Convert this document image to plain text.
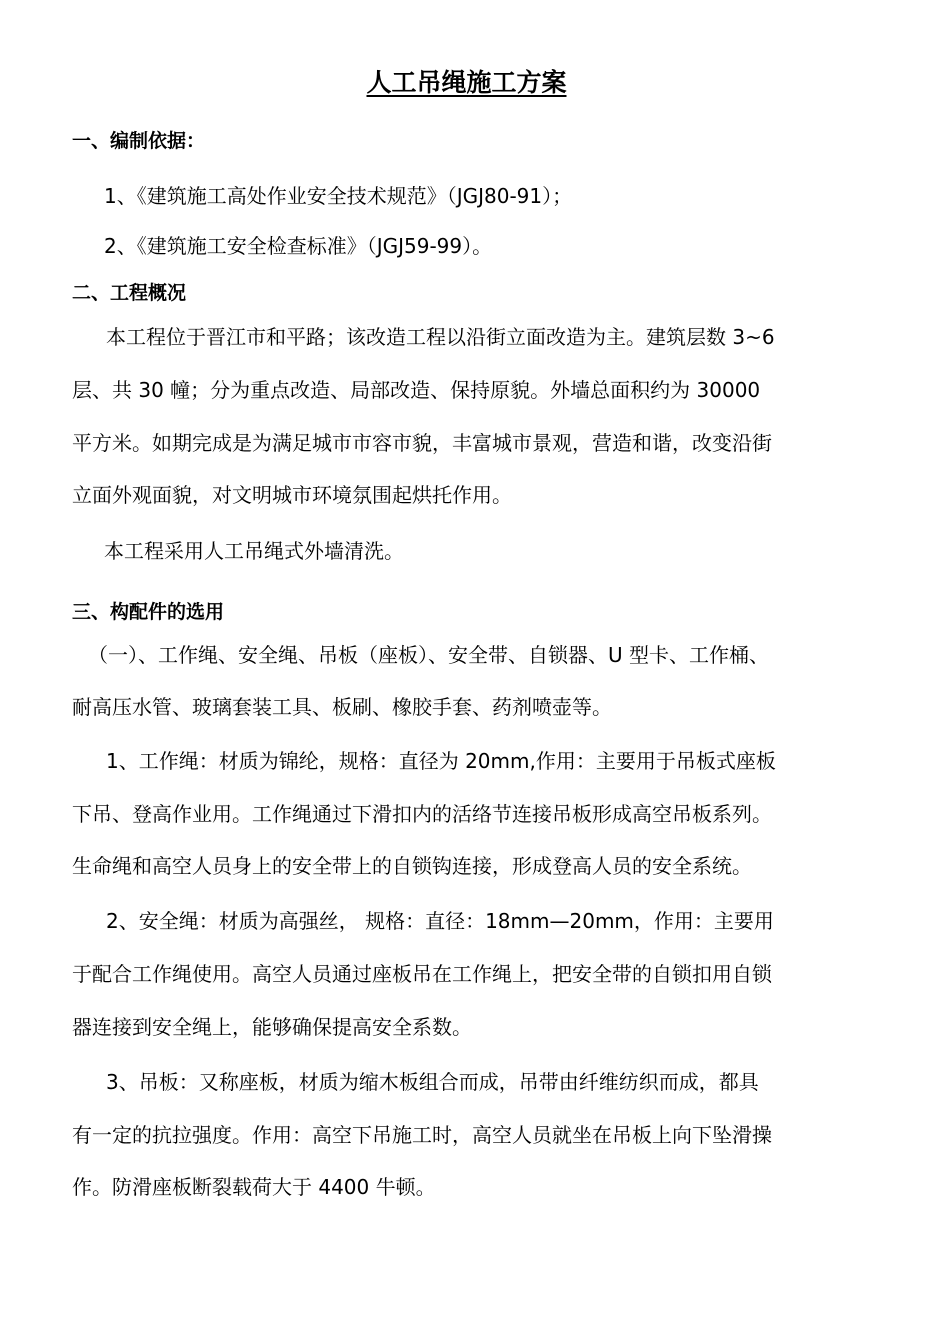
人工吊绳施工方案
一、编制依据：
1、《建筑施工高处作业安全技术规范》（JGJ80-91）；
2、《建筑施工安全检查标准》（JGJ59-99）。
二、工程概况
本工程位于晋江市和平路；该改造工程以沿街立面改造为主。建筑层数 3~6
层、共 30 幢；分为重点改造、局部改造、保持原貌。外墙总面积约为 30000
平方米。如期完成是为满足城市市容市貌，丰富城市景观，营造和谐，改变沿街
立面外观面貌，对文明城市环境氛围起烘托作用。
本工程采用人工吊绳式外墙清洗。
三、构配件的选用
（一）、工作绳、安全绳、吊板（座板）、安全带、自锁器、U 型卡、工作桶、
耐高压水管、玻璃套装工具、板刷、橡胶手套、药剂喷壶等。
1、工作绳：材质为锦纶，规格：直径为 20mm,作用：主要用于吊板式座板
下吊、登高作业用。工作绳通过下滑扣内的活络节连接吊板形成高空吊板系列。
生命绳和高空人员身上的安全带上的自锁钩连接，形成登高人员的安全系统。
2、安全绳：材质为高强丝， 规格：直径：18mm—20mm，作用：主要用
于配合工作绳使用。高空人员通过座板吊在工作绳上，把安全带的自锁扣用自锁
器连接到安全绳上，能够确保提高安全系数。
3、吊板：又称座板，材质为缩木板组合而成，吊带由纤维纺织而成，都具
有一定的抗拉强度。作用：高空下吊施工时，高空人员就坐在吊板上向下坠滑操
作。防滑座板断裂载荷大于 4400 牛顿。
